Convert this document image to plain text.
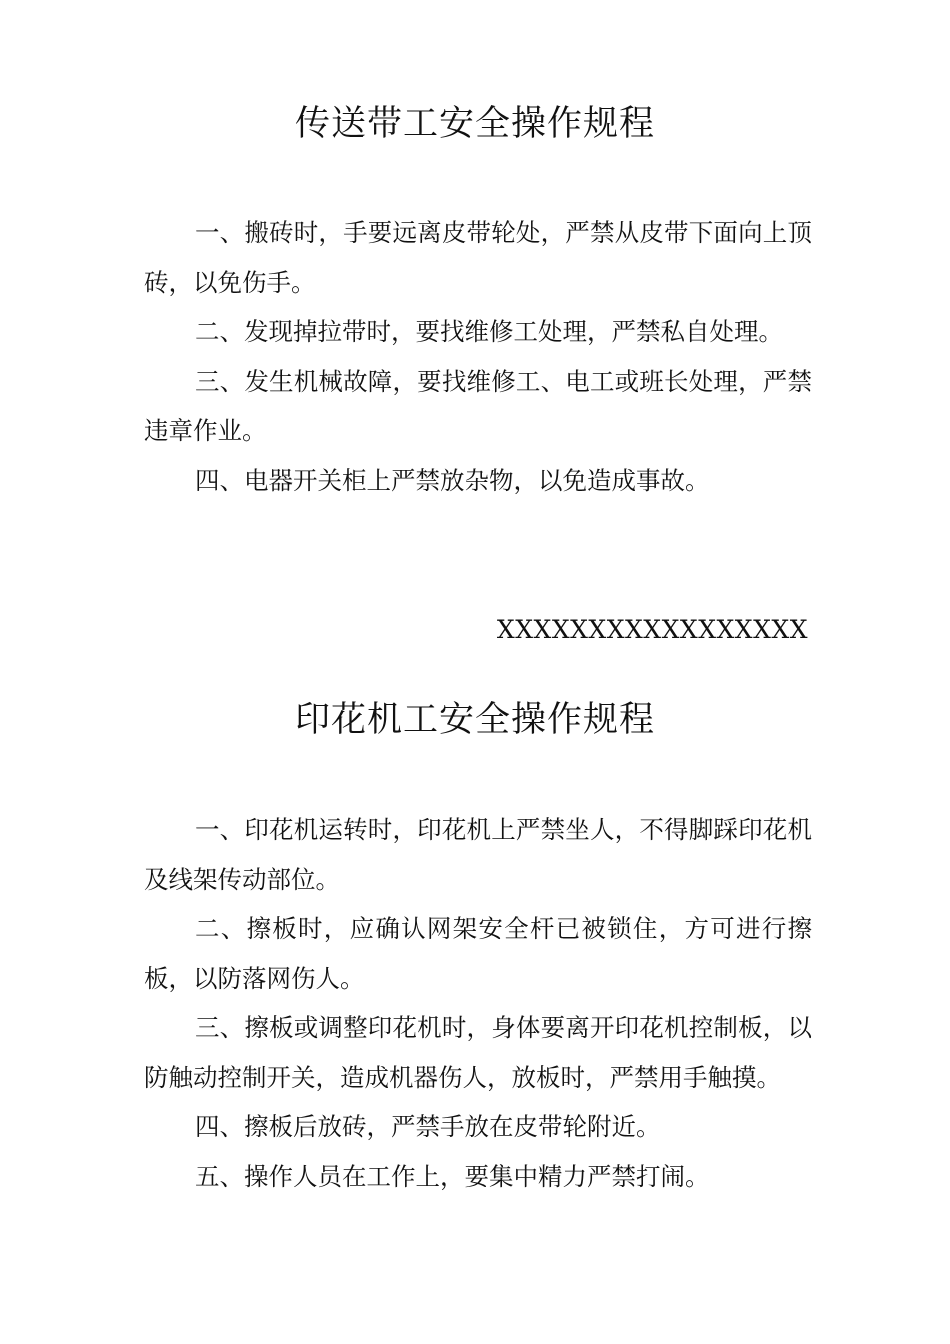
传送带工安全操作规程

一、搬砖时，手要远离皮带轮处，严禁从皮带下面向上顶砖，以免伤手。

二、发现掉拉带时，要找维修工处理，严禁私自处理。

三、发生机械故障，要找维修工、电工或班长处理，严禁违章作业。

四、电器开关柜上严禁放杂物，以免造成事故。

XXXXXXXXXXXXXXXXX

印花机工安全操作规程

一、印花机运转时，印花机上严禁坐人，不得脚踩印花机及线架传动部位。

二、擦板时，应确认网架安全杆已被锁住，方可进行擦板，以防落网伤人。

三、擦板或调整印花机时，身体要离开印花机控制板，以防触动控制开关，造成机器伤人，放板时，严禁用手触摸。

四、擦板后放砖，严禁手放在皮带轮附近。

五、操作人员在工作上，要集中精力严禁打闹。
